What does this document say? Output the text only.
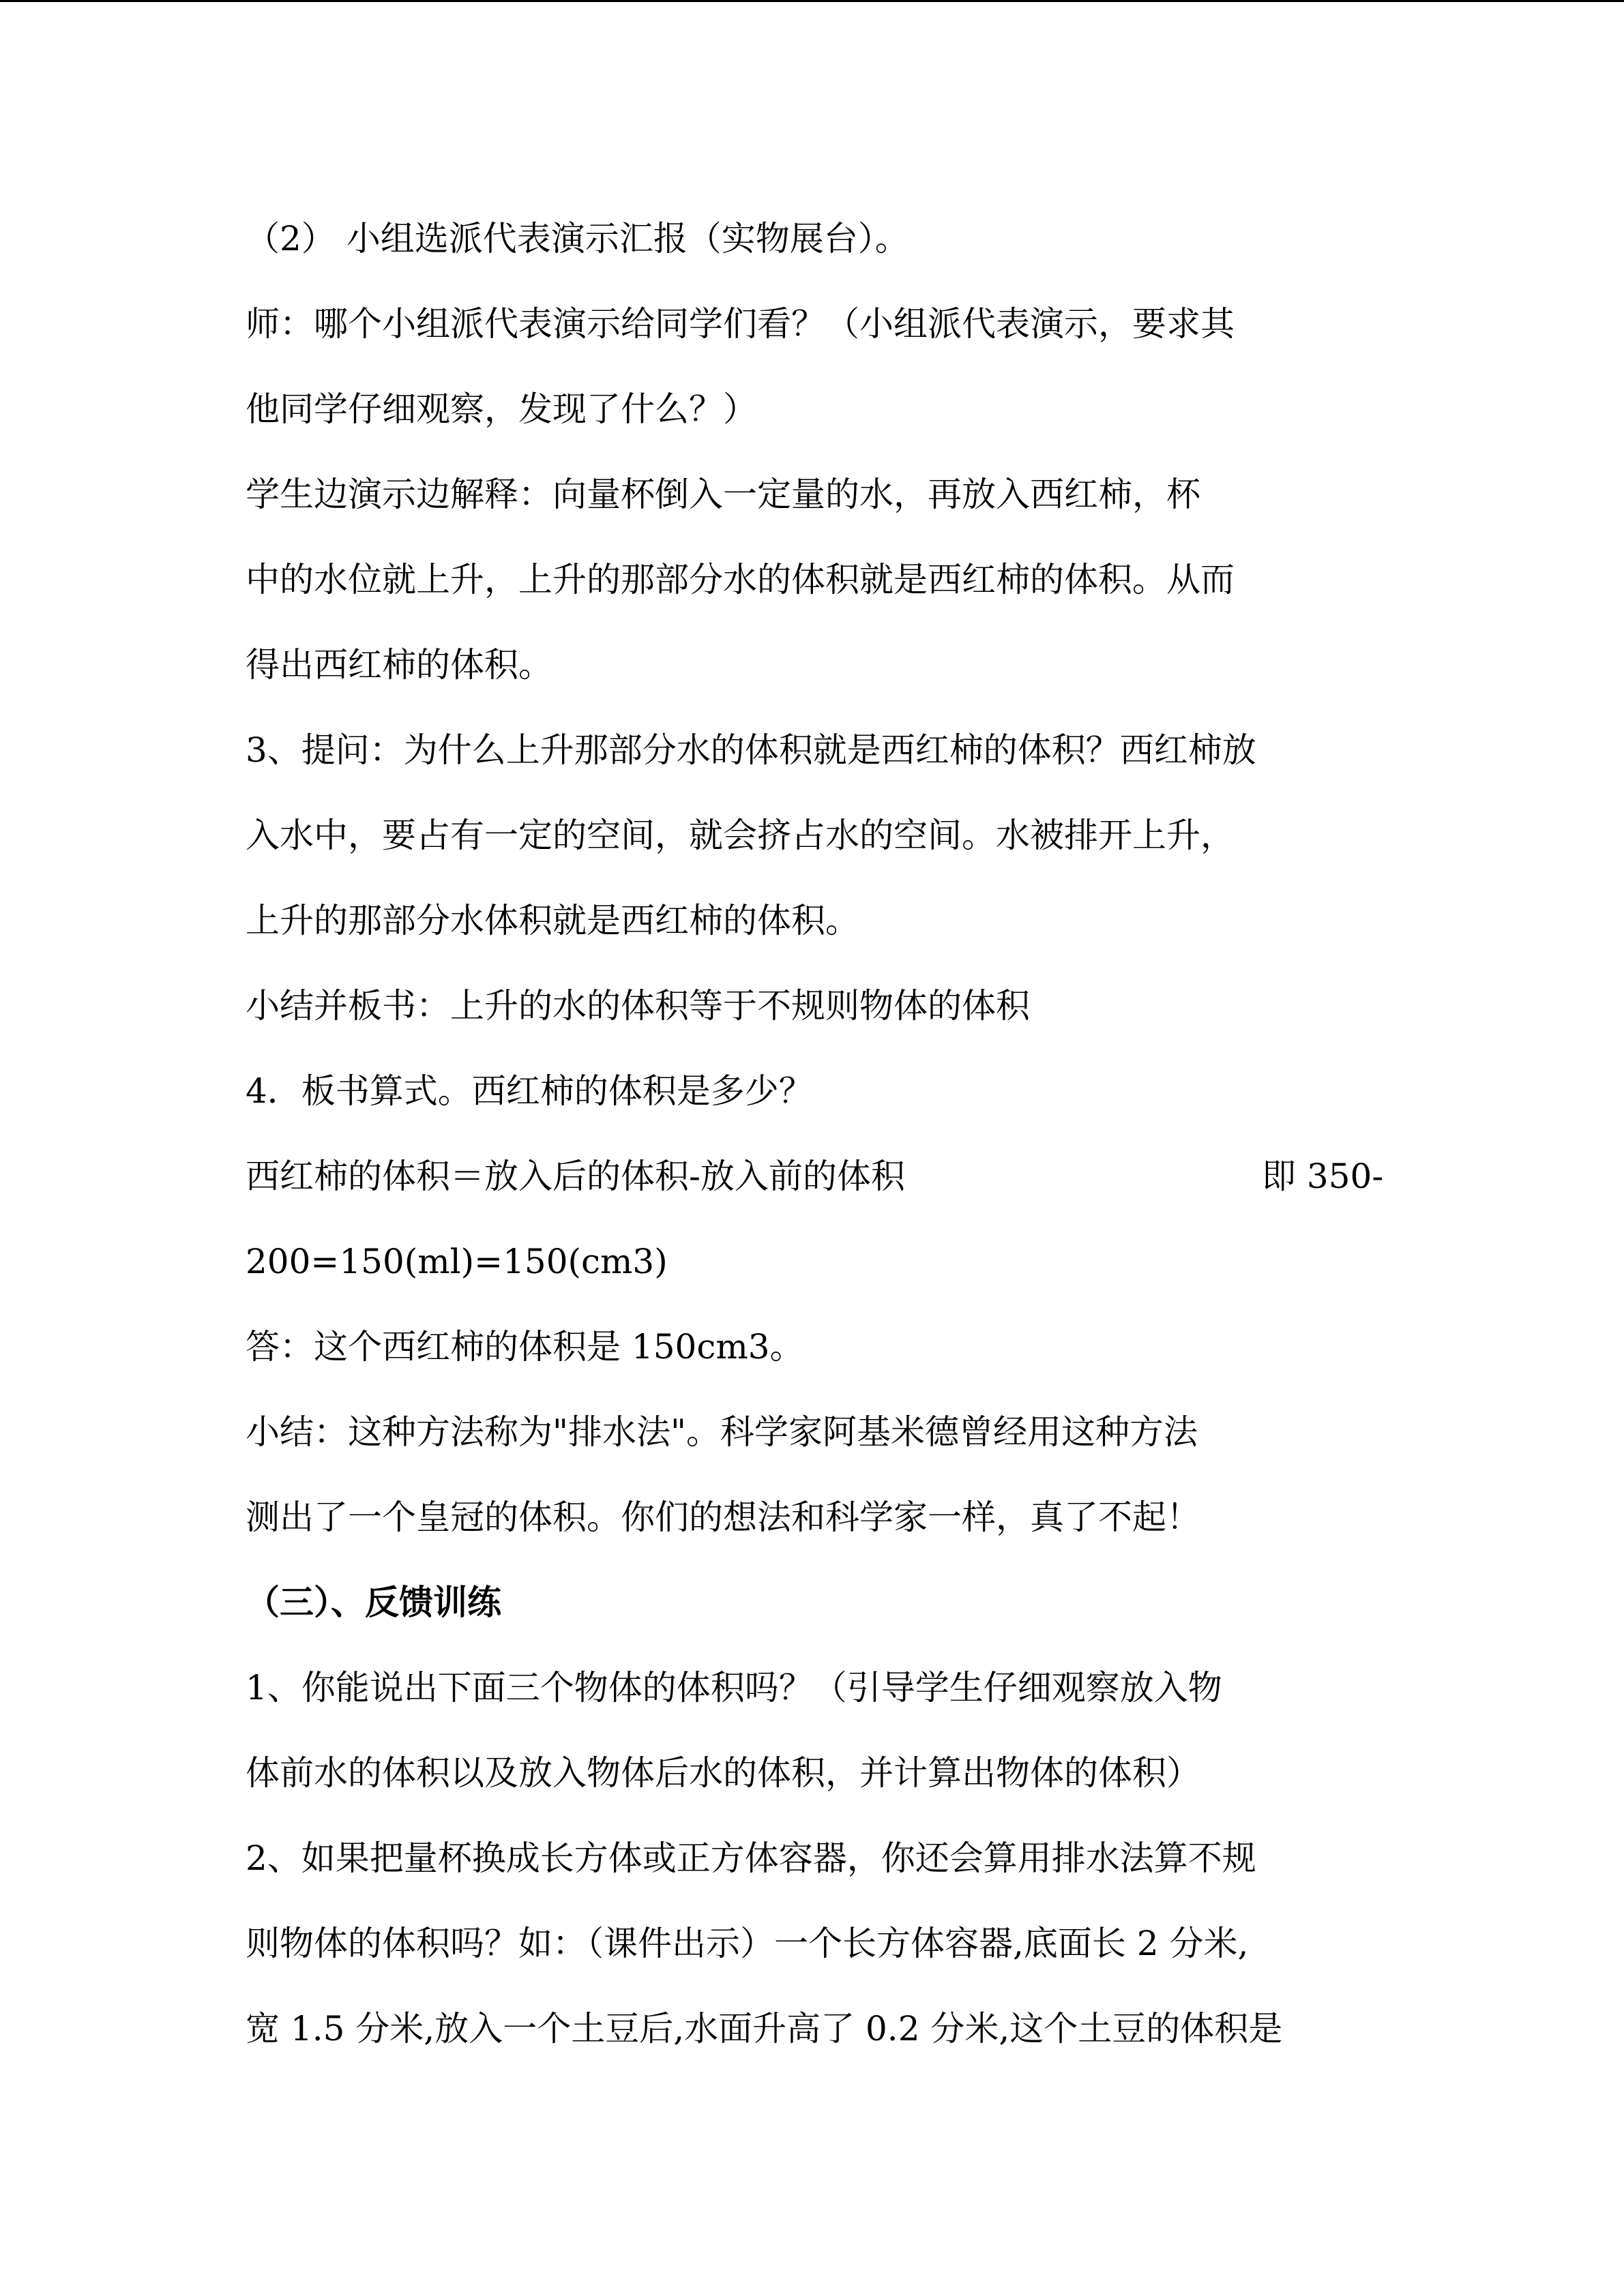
（2） 小组选派代表演示汇报（实物展台）。
师：哪个小组派代表演示给同学们看？（小组派代表演示，要求其
他同学仔细观察，发现了什么？）
学生边演示边解释：向量杯倒入一定量的水，再放入西红柿，杯
中的水位就上升，上升的那部分水的体积就是西红柿的体积。从而
得出西红柿的体积。
3、提问：为什么上升那部分水的体积就是西红柿的体积？西红柿放
入水中，要占有一定的空间，就会挤占水的空间。水被排开上升，
上升的那部分水体积就是西红柿的体积。
小结并板书：上升的水的体积等于不规则物体的体积
4．板书算式。西红柿的体积是多少？
西红柿的体积＝放入后的体积-放入前的体积	即 350-
200=150(ml)=150(cm3)
答：这个西红柿的体积是 150cm3。
小结：这种方法称为"排水法"。科学家阿基米德曾经用这种方法
测出了一个皇冠的体积。你们的想法和科学家一样，真了不起！
（三）、反馈训练
1、你能说出下面三个物体的体积吗？（引导学生仔细观察放入物
体前水的体积以及放入物体后水的体积，并计算出物体的体积）
2、如果把量杯换成长方体或正方体容器，你还会算用排水法算不规
则物体的体积吗？如：（课件出示）一个长方体容器,底面长 2 分米,
宽 1.5 分米,放入一个土豆后,水面升高了 0.2 分米,这个土豆的体积是
